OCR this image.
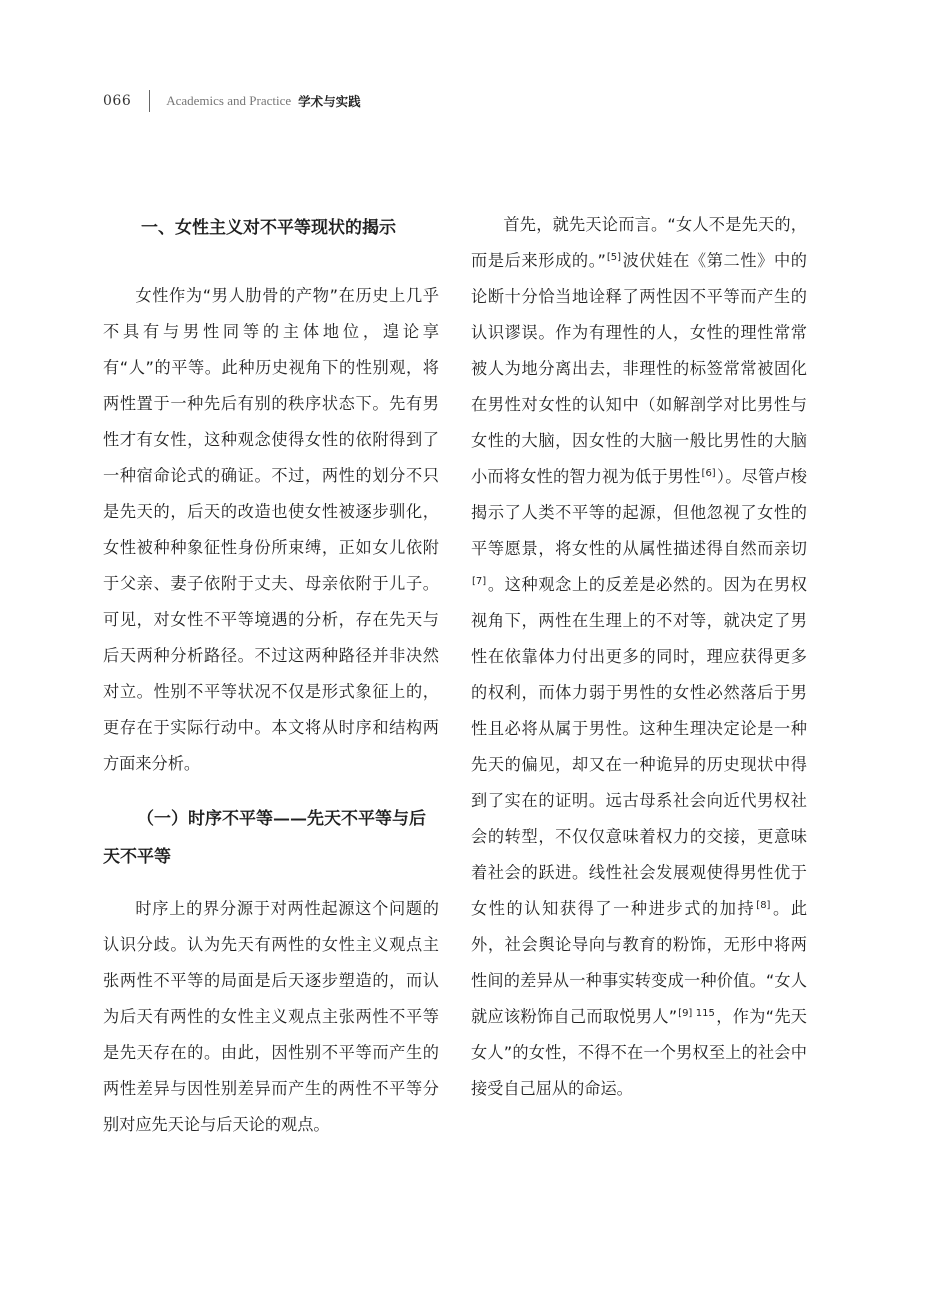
066	Academics and Practice 学术与实践
一、女性主义对不平等现状的揭示

女性作为“男人肋骨的产物”在历史上几乎不具有与男性同等的主体地位，遑论享有“人”的平等。此种历史视角下的性别观，将两性置于一种先后有别的秩序状态下。先有男性才有女性，这种观念使得女性的依附得到了一种宿命论式的确证。不过，两性的划分不只是先天的，后天的改造也使女性被逐步驯化，女性被种种象征性身份所束缚，正如女儿依附于父亲、妻子依附于丈夫、母亲依附于儿子。可见，对女性不平等境遇的分析，存在先天与后天两种分析路径。不过这两种路径并非决然对立。性别不平等状况不仅是形式象征上的，更存在于实际行动中。本文将从时序和结构两方面来分析。

（一）时序不平等——先天不平等与后天不平等

时序上的界分源于对两性起源这个问题的认识分歧。认为先天有两性的女性主义观点主张两性不平等的局面是后天逐步塑造的，而认为后天有两性的女性主义观点主张两性不平等是先天存在的。由此，因性别不平等而产生的两性差异与因性别差异而产生的两性不平等分别对应先天论与后天论的观点。

首先，就先天论而言。“女人不是先天的，而是后来形成的。”[5]波伏娃在《第二性》中的论断十分恰当地诠释了两性因不平等而产生的认识谬误。作为有理性的人，女性的理性常常被人为地分离出去，非理性的标签常常被固化在男性对女性的认知中（如解剖学对比男性与女性的大脑，因女性的大脑一般比男性的大脑小而将女性的智力视为低于男性[6]）。尽管卢梭揭示了人类不平等的起源，但他忽视了女性的平等愿景，将女性的从属性描述得自然而亲切[7]。这种观念上的反差是必然的。因为在男权视角下，两性在生理上的不对等，就决定了男性在依靠体力付出更多的同时，理应获得更多的权利，而体力弱于男性的女性必然落后于男性且必将从属于男性。这种生理决定论是一种先天的偏见，却又在一种诡异的历史现状中得到了实在的证明。远古母系社会向近代男权社会的转型，不仅仅意味着权力的交接，更意味着社会的跃进。线性社会发展观使得男性优于女性的认知获得了一种进步式的加持[8]。此外，社会舆论导向与教育的粉饰，无形中将两性间的差异从一种事实转变成一种价值。“女人就应该粉饰自己而取悦男人”$^{[9] 115}$，作为“先天女人”的女性，不得不在一个男权至上的社会中接受自己屈从的命运。
